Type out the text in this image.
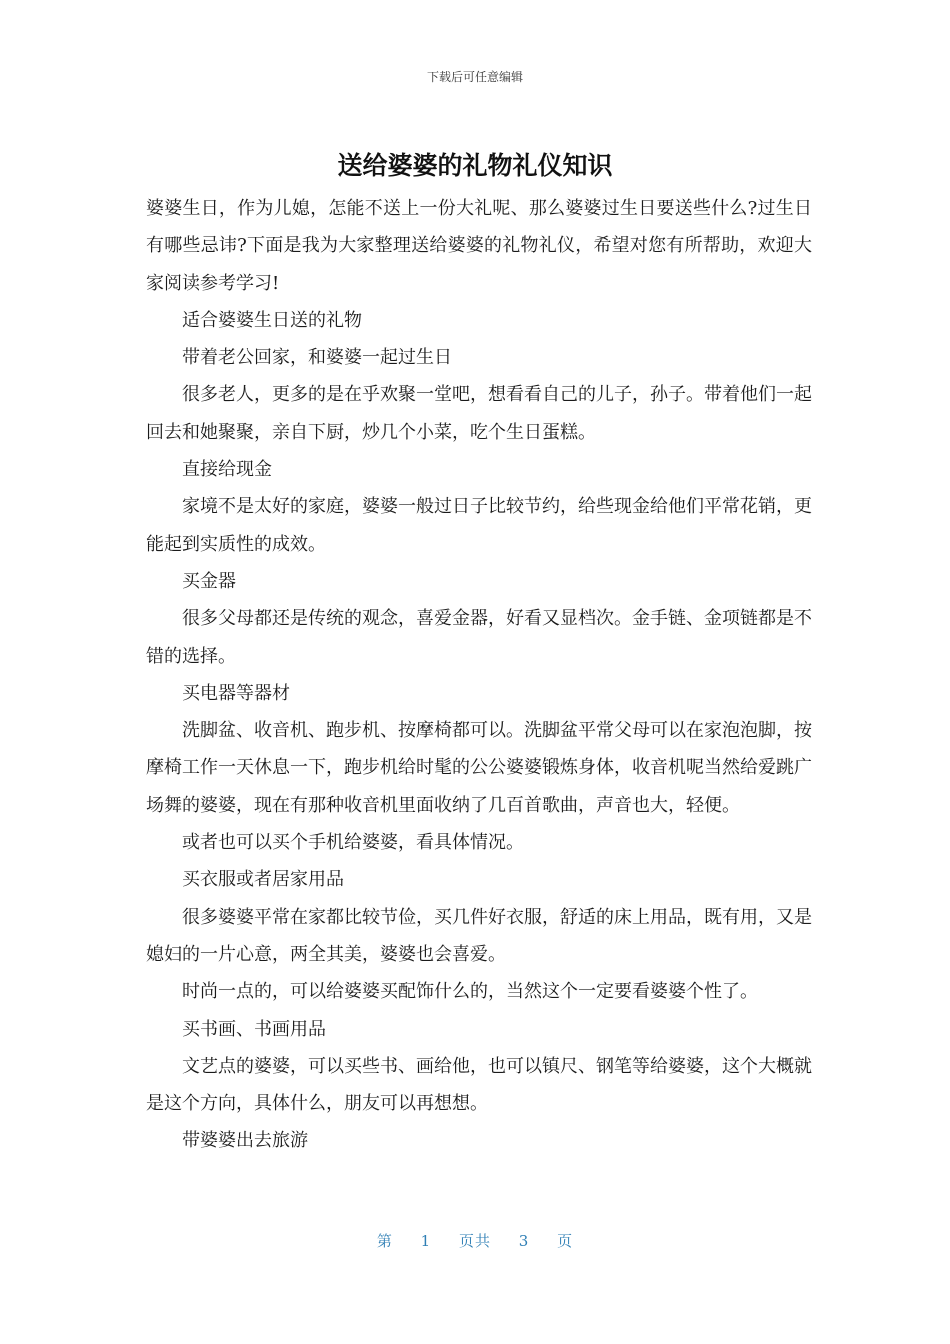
下载后可任意编辑
送给婆婆的礼物礼仪知识

婆婆生日，作为儿媳，怎能不送上一份大礼呢、那么婆婆过生日要送些什么?过生日有哪些忌讳?下面是我为大家整理送给婆婆的礼物礼仪，希望对您有所帮助，欢迎大家阅读参考学习!

适合婆婆生日送的礼物

带着老公回家，和婆婆一起过生日

很多老人，更多的是在乎欢聚一堂吧，想看看自己的儿子，孙子。带着他们一起回去和她聚聚，亲自下厨，炒几个小菜，吃个生日蛋糕。

直接给现金

家境不是太好的家庭，婆婆一般过日子比较节约，给些现金给他们平常花销，更能起到实质性的成效。

买金器

很多父母都还是传统的观念，喜爱金器，好看又显档次。金手链、金项链都是不错的选择。

买电器等器材

洗脚盆、收音机、跑步机、按摩椅都可以。洗脚盆平常父母可以在家泡泡脚，按摩椅工作一天休息一下，跑步机给时髦的公公婆婆锻炼身体，收音机呢当然给爱跳广场舞的婆婆，现在有那种收音机里面收纳了几百首歌曲，声音也大，轻便。

或者也可以买个手机给婆婆，看具体情况。

买衣服或者居家用品

很多婆婆平常在家都比较节俭，买几件好衣服，舒适的床上用品，既有用，又是媳妇的一片心意，两全其美，婆婆也会喜爱。

时尚一点的，可以给婆婆买配饰什么的，当然这个一定要看婆婆个性了。

买书画、书画用品

文艺点的婆婆，可以买些书、画给他，也可以镇尺、钢笔等给婆婆，这个大概就是这个方向，具体什么，朋友可以再想想。

带婆婆出去旅游

第 1 页共 3 页
